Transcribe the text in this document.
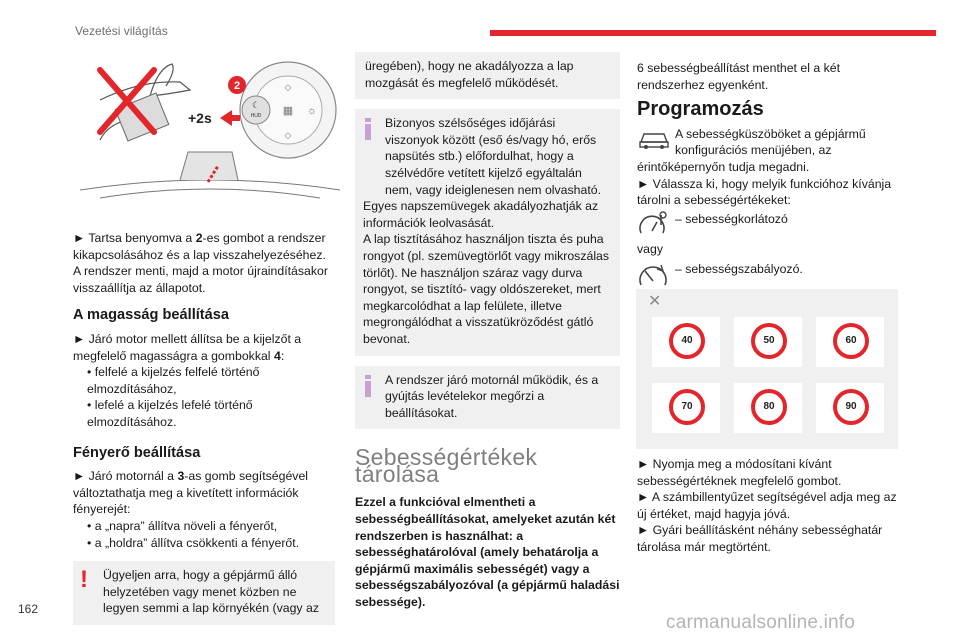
Vezetési világítás
☾
HUD ▦ ☼
◇
◇
2
+2s

► Tartsa benyomva a 2-es gombot a rendszer kikapcsolásához és a lap visszahelyezéséhez.
A rendszer menti, majd a motor újraindításakor visszaállítja az állapotot.

A magasság beállítása

► Járó motor mellett állítsa be a kijelzőt a megfelelő magasságra a gombokkal 4:

• felfelé a kijelzés felfelé történő elmozdításához,

• lefelé a kijelzés lefelé történő elmozdításához.

Fényerő beállítása

► Járó motornál a 3-as gomb segítségével változtathatja meg a kivetített információk fényerejét:

• a „napra” állítva növeli a fényerőt,

• a „holdra” állítva csökkenti a fényerőt.

!	Ügyeljen arra, hogy a gépjármű álló helyzetében vagy menet közben ne legyen semmi a lap környékén (vagy az

üregében), hogy ne akadályozza a lap mozgását és megfelelő működését.

Bizonyos szélsőséges időjárási viszonyok között (eső és/vagy hó, erős napsütés stb.) előfordulhat, hogy a szélvédőre vetített kijelző egyáltalán nem, vagy ideiglenesen nem olvasható.

Egyes napszemüvegek akadályozhatják az információk leolvasását.

A lap tisztításához használjon tiszta és puha rongyot (pl. szemüvegtörlőt vagy mikroszálas törlőt). Ne használjon száraz vagy durva rongyot, se tisztító- vagy oldószereket, mert megkarcolódhat a lap felülete, illetve megrongálódhat a visszatükröződést gátló bevonat.

A rendszer járó motornál működik, és a gyújtás levételekor megőrzi a beállításokat.

Sebességértékek tárolása

Ezzel a funkcióval elmentheti a sebességbeállításokat, amelyeket azután két rendszerben is használhat: a sebességhatárolóval (amely behatárolja a gépjármű maximális sebességét) vagy a sebességszabályozóval (a gépjármű haladási sebessége).

6 sebességbeállítást menthet el a két rendszerhez egyenként.

Programozás

A sebességküszöböket a gépjármű konfigurációs menüjében, az érintőképernyőn tudja megadni.

► Válassza ki, hogy melyik funkcióhoz kívánja tárolni a sebességértékeket:

– sebességkorlátozó

vagy

– sebességszabályozó.

✕
40	50	60
70	80	90

► Nyomja meg a módosítani kívánt sebességértéknek megfelelő gombot.

► A számbillentyűzet segítségével adja meg az új értéket, majd hagyja jóvá.

► Gyári beállításként néhány sebességhatár tárolása már megtörtént.

162
carmanualsonline.info
